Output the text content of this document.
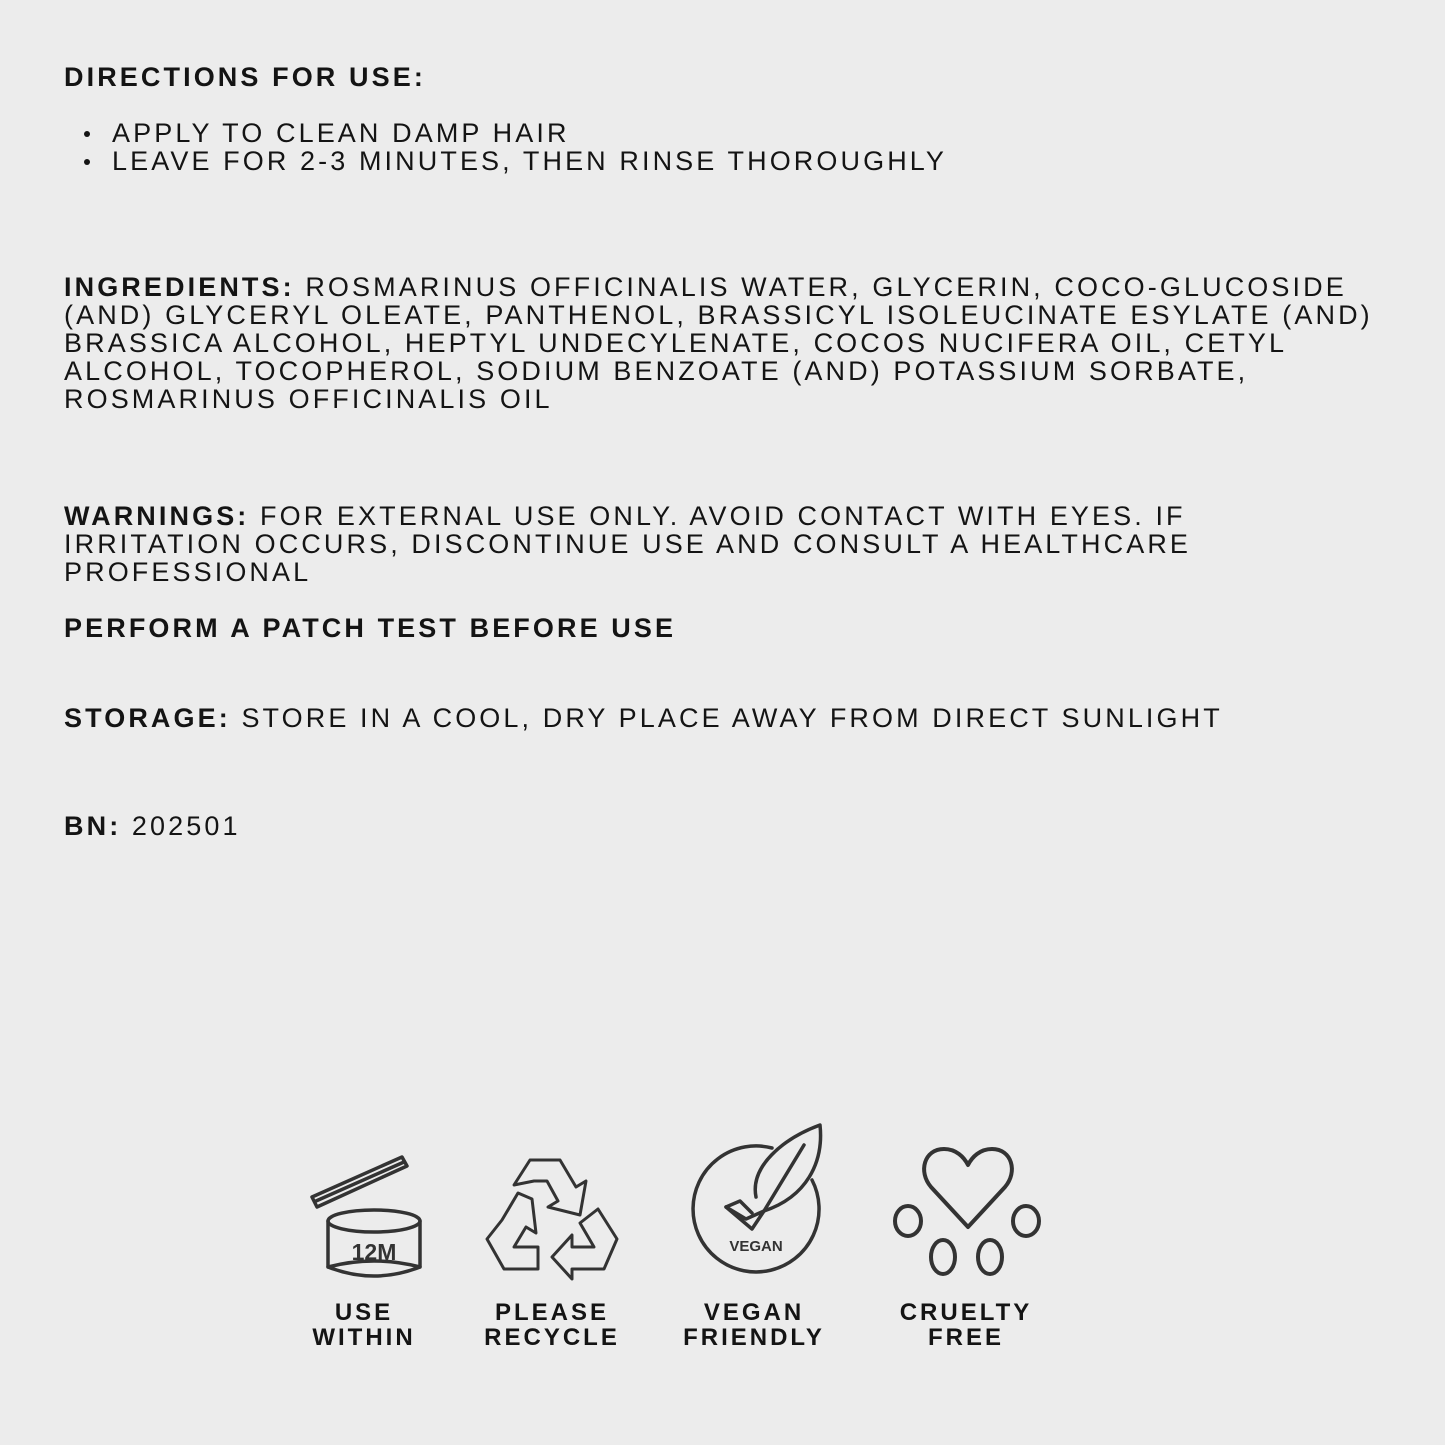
DIRECTIONS FOR USE:
APPLY TO CLEAN DAMP HAIR
LEAVE FOR 2-3 MINUTES, THEN RINSE THOROUGHLY
INGREDIENTS: ROSMARINUS OFFICINALIS WATER, GLYCERIN, COCO-GLUCOSIDE (AND) GLYCERYL OLEATE, PANTHENOL, BRASSICYL ISOLEUCINATE ESYLATE (AND) BRASSICA ALCOHOL, HEPTYL UNDECYLENATE, COCOS NUCIFERA OIL, CETYL ALCOHOL, TOCOPHEROL, SODIUM BENZOATE (AND) POTASSIUM SORBATE, ROSMARINUS OFFICINALIS OIL
WARNINGS: FOR EXTERNAL USE ONLY. AVOID CONTACT WITH EYES. IF IRRITATION OCCURS, DISCONTINUE USE AND CONSULT A HEALTHCARE PROFESSIONAL
PERFORM A PATCH TEST BEFORE USE
STORAGE: STORE IN A COOL, DRY PLACE AWAY FROM DIRECT SUNLIGHT
BN: 202501
12M
USE
WITHIN
PLEASE
RECYCLE
VEGAN
VEGAN
FRIENDLY
CRUELTY
FREE
